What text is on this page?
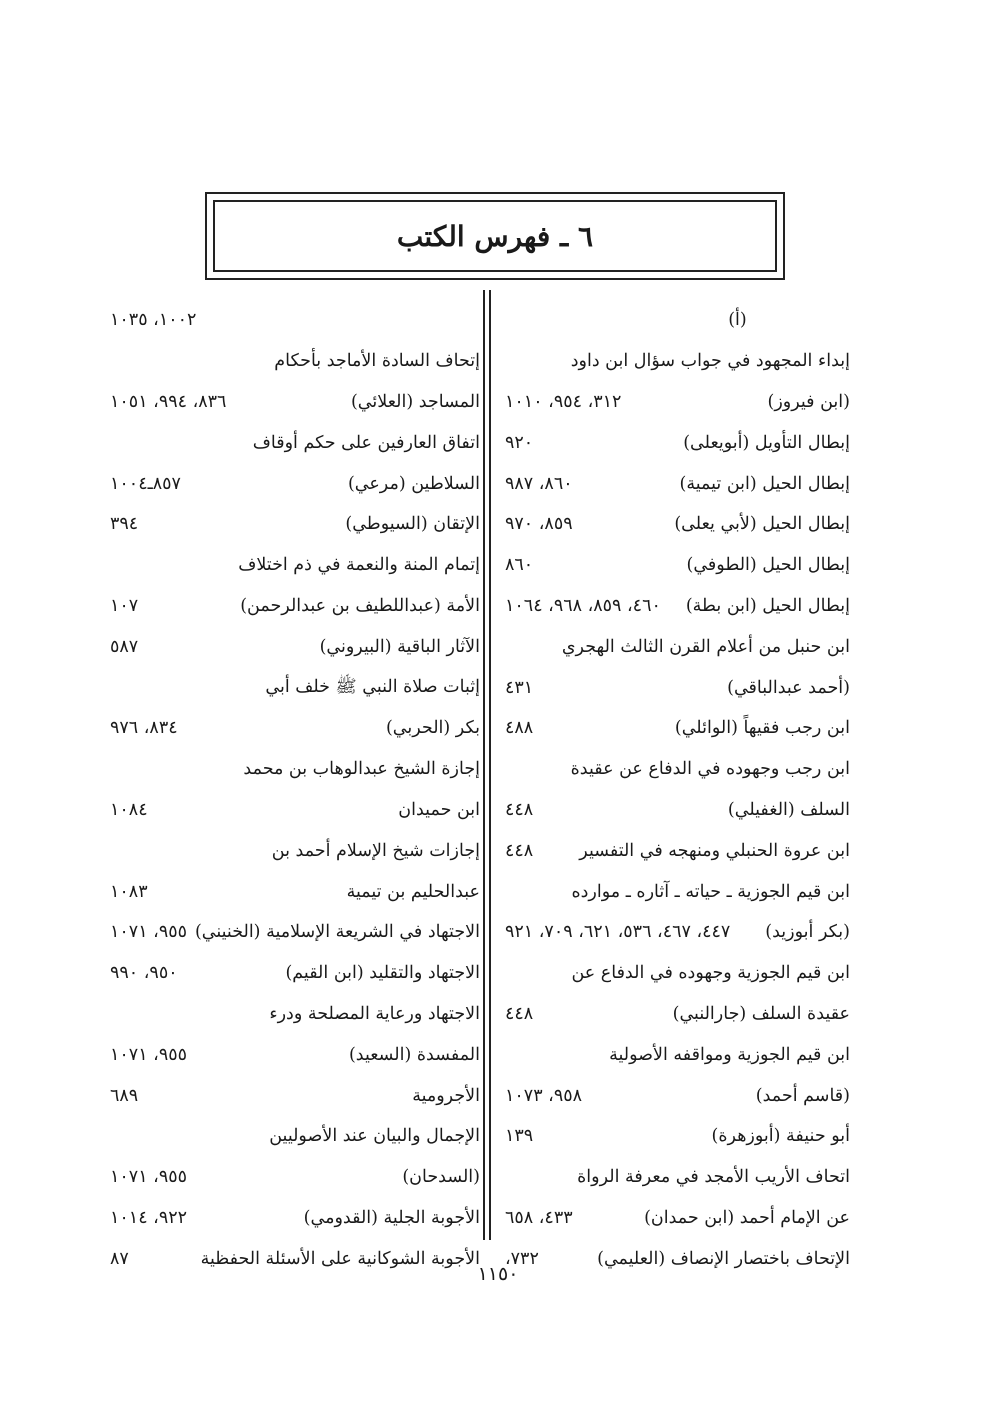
٦ ـ فهرس الكتب
(أ)
إبداء المجهود في جواب سؤال ابن داود
(ابن فيروز)
٣١٢، ٩٥٤، ١٠١٠
إبطال التأويل (أبويعلى)
٩٢٠
إبطال الحيل (ابن تيمية)
٨٦٠، ٩٨٧
إبطال الحيل (لأبي يعلى)
٨٥٩، ٩٧٠
إبطال الحيل (الطوفي)
٨٦٠
إبطال الحيل (ابن بطة)
٤٦٠، ٨٥٩، ٩٦٨، ١٠٦٤
ابن حنبل من أعلام القرن الثالث الهجري
(أحمد عبدالباقي)
٤٣١
ابن رجب فقيهاً (الوائلي)
٤٨٨
ابن رجب وجهوده في الدفاع عن عقيدة
السلف (الغفيلي)
٤٤٨
ابن عروة الحنبلي ومنهجه في التفسير
٤٤٨
ابن قيم الجوزية ـ حياته ـ آثاره ـ موارده
(بكر أبوزيد)
٤٤٧، ٤٦٧، ٥٣٦، ٦٢١، ٧٠٩، ٩٢١
ابن قيم الجوزية وجهوده في الدفاع عن
عقيدة السلف (جارالنبي)
٤٤٨
ابن قيم الجوزية ومواقفه الأصولية
(قاسم أحمد)
٩٥٨، ١٠٧٣
أبو حنيفة (أبوزهرة)
١٣٩
اتحاف الأريب الأمجد في معرفة الرواة
عن الإمام أحمد (ابن حمدان)
٤٣٣، ٦٥٨
الإتحاف باختصار الإنصاف (العليمي)
٧٣٢،
١٠٠٢، ١٠٣٥
إتحاف السادة الأماجد بأحكام
المساجد (العلائي)
٨٣٦، ٩٩٤، ١٠٥١
اتفاق العارفين على حكم أوقاف
السلاطين (مرعي)
٨٥٧ـ١٠٠٤
الإتقان (السيوطي)
٣٩٤
إتمام المنة والنعمة في ذم اختلاف
الأمة (عبداللطيف بن عبدالرحمن)
١٠٧
الآثار الباقية (البيروني)
٥٨٧
إثبات صلاة النبي ﷺ خلف أبي
بكر (الحربي)
٨٣٤، ٩٧٦
إجازة الشيخ عبدالوهاب بن محمد
ابن حميدان
١٠٨٤
إجازات شيخ الإسلام أحمد بن
عبدالحليم بن تيمية
١٠٨٣
الاجتهاد في الشريعة الإسلامية (الخنيني)
٩٥٥، ١٠٧١
الاجتهاد والتقليد (ابن القيم)
٩٥٠، ٩٩٠
الاجتهاد ورعاية المصلحة ودرء
المفسدة (السعيد)
٩٥٥، ١٠٧١
الأجرومية
٦٨٩
الإجمال والبيان عند الأصوليين
(السدحان)
٩٥٥، ١٠٧١
الأجوبة الجلية (القدومي)
٩٢٢، ١٠١٤
الأجوبة الشوكانية على الأسئلة الحفظية
٨٧
١١٥٠
